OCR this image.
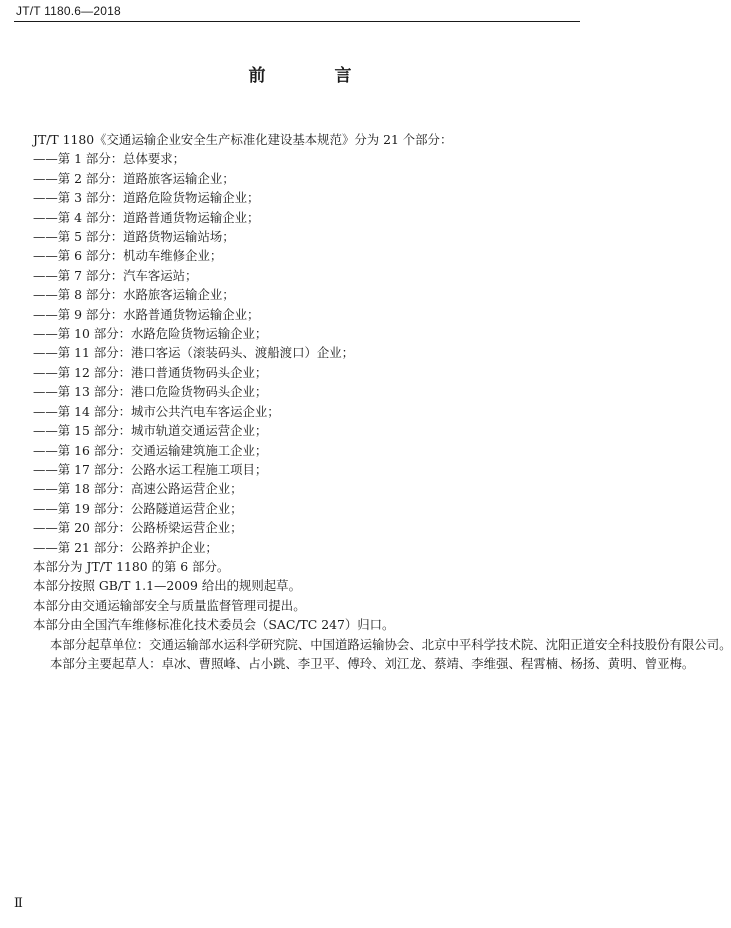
JT/T 1180.6—2018
前　言

JT/T 1180《交通运输企业安全生产标准化建设基本规范》分为 21 个部分：

——第 1 部分：总体要求；

——第 2 部分：道路旅客运输企业；

——第 3 部分：道路危险货物运输企业；

——第 4 部分：道路普通货物运输企业；

——第 5 部分：道路货物运输站场；

——第 6 部分：机动车维修企业；

——第 7 部分：汽车客运站；

——第 8 部分：水路旅客运输企业；

——第 9 部分：水路普通货物运输企业；

——第 10 部分：水路危险货物运输企业；

——第 11 部分：港口客运（滚装码头、渡船渡口）企业；

——第 12 部分：港口普通货物码头企业；

——第 13 部分：港口危险货物码头企业；

——第 14 部分：城市公共汽电车客运企业；

——第 15 部分：城市轨道交通运营企业；

——第 16 部分：交通运输建筑施工企业；

——第 17 部分：公路水运工程施工项目；

——第 18 部分：高速公路运营企业；

——第 19 部分：公路隧道运营企业；

——第 20 部分：公路桥梁运营企业；

——第 21 部分：公路养护企业；

本部分为 JT/T 1180 的第 6 部分。

本部分按照 GB/T 1.1—2009 给出的规则起草。

本部分由交通运输部安全与质量监督管理司提出。

本部分由全国汽车维修标准化技术委员会（SAC/TC 247）归口。

本部分起草单位：交通运输部水运科学研究院、中国道路运输协会、北京中平科学技术院、沈阳正道安全科技股份有限公司。

本部分主要起草人：卓冰、曹照峰、占小跳、李卫平、傅玲、刘江龙、蔡靖、李维强、程霄楠、杨扬、黄明、曾亚梅。

Ⅱ
